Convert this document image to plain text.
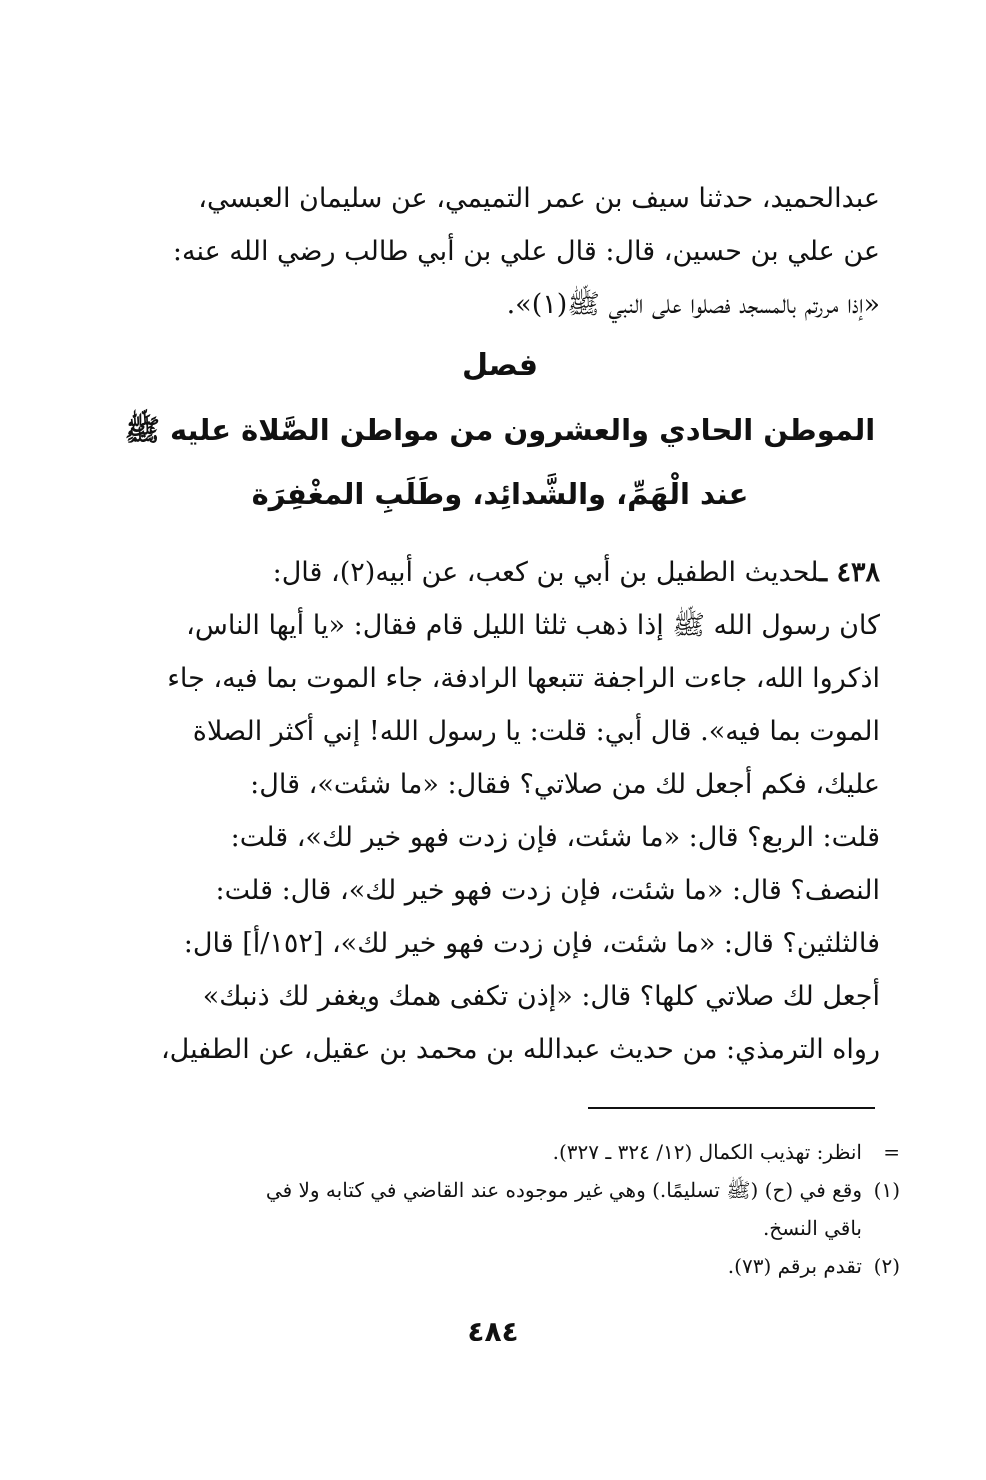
عبدالحميد، حدثنا سيف بن عمر التميمي، عن سليمان العبسي،
عن علي بن حسين، قال: قال علي بن أبي طالب رضي الله عنه:
«إذا مررتم بالمسجد فصلوا على النبي ﷺ(١)».
فصل
الموطن الحادي والعشرون من مواطن الصَّلاة عليه ﷺ
عند الْهَمِّ، والشَّدائِد، وطَلَبِ المغْفِرَة
٤٣٨ ـلحديث الطفيل بن أبي بن كعب، عن أبيه(٢)، قال:
كان رسول الله ﷺ إذا ذهب ثلثا الليل قام فقال: «يا أيها الناس،
اذكروا الله، جاءت الراجفة تتبعها الرادفة، جاء الموت بما فيه، جاء
الموت بما فيه». قال أبي: قلت: يا رسول الله! إني أكثر الصلاة
عليك، فكم أجعل لك من صلاتي؟ فقال: «ما شئت»، قال:
قلت: الربع؟ قال: «ما شئت، فإن زدت فهو خير لك»، قلت:
النصف؟ قال: «ما شئت، فإن زدت فهو خير لك»، قال: قلت:
فالثلثين؟ قال: «ما شئت، فإن زدت فهو خير لك»، [١٥٢/أ] قال:
أجعل لك صلاتي كلها؟ قال: «إذن تكفى همك ويغفر لك ذنبك»
رواه الترمذي: من حديث عبدالله بن محمد بن عقيل، عن الطفيل،
=
انظر: تهذيب الكمال (١٢/ ٣٢٤ ـ ٣٢٧).
(١)
وقع في (ح) (ﷺ تسليمًا.) وهي غير موجوده عند القاضي في كتابه ولا في
باقي النسخ.
(٢)
تقدم برقم (٧٣).
٤٨٤
